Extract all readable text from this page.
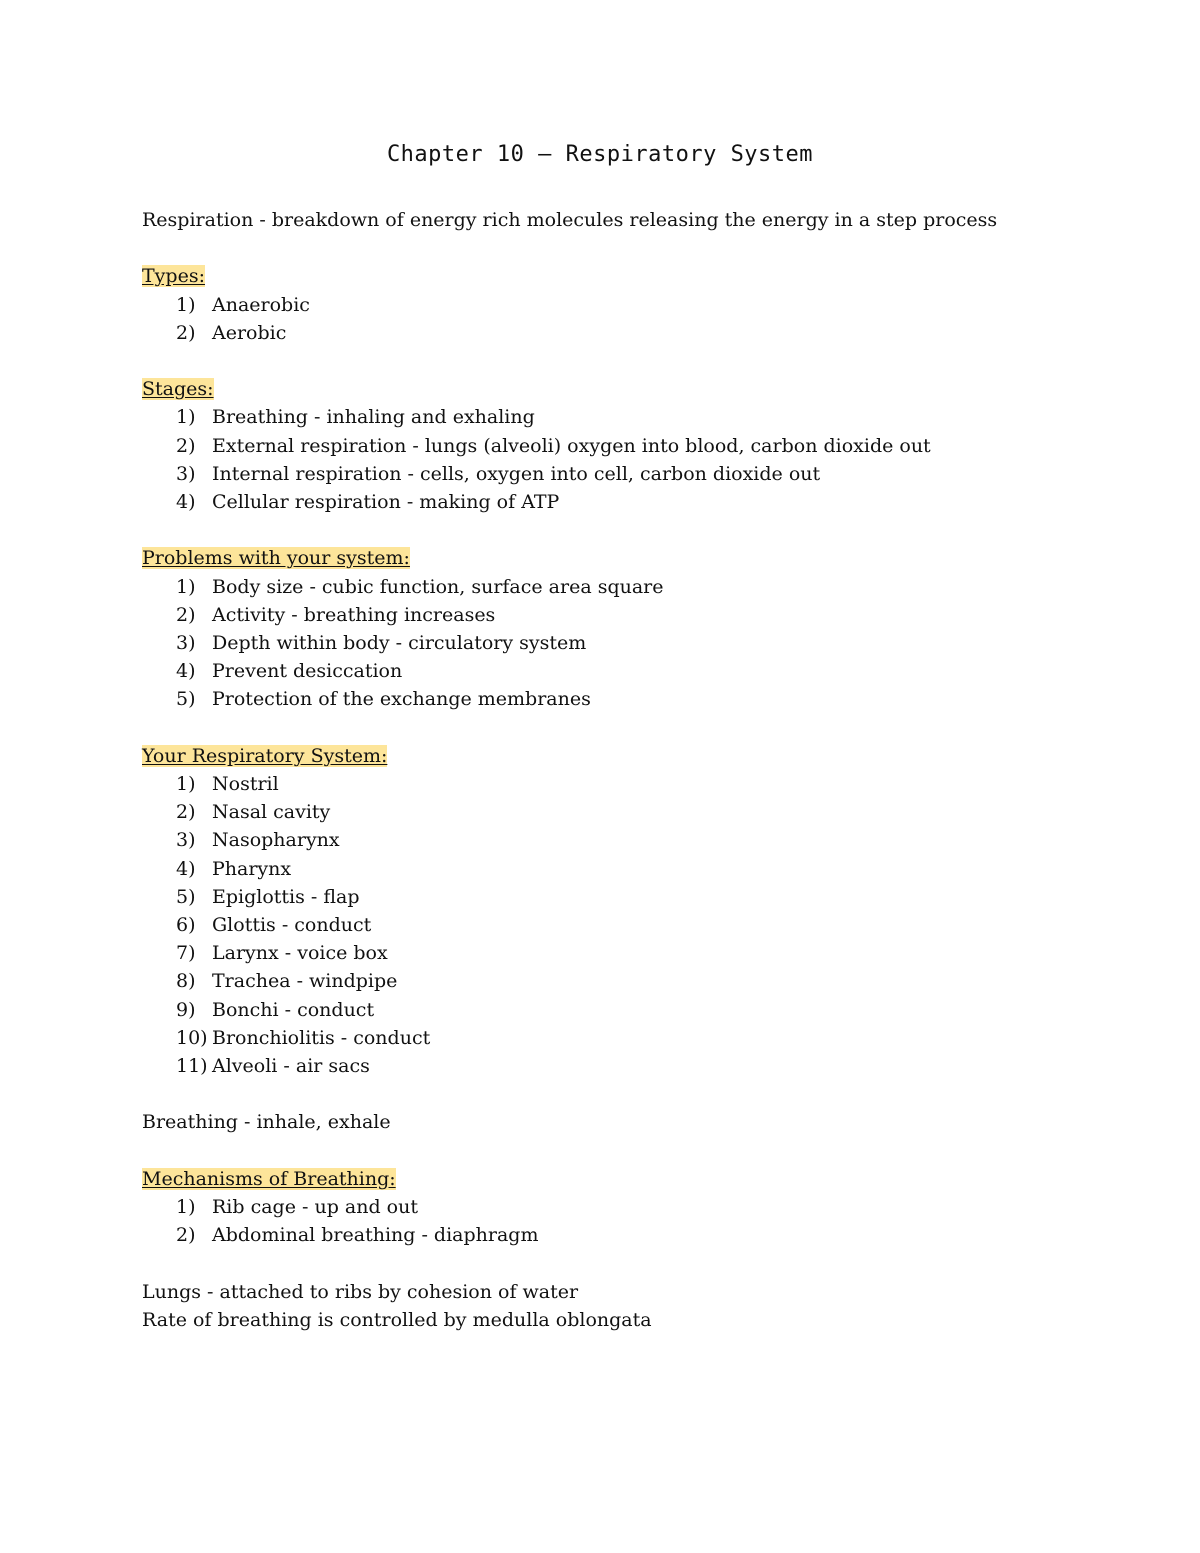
Chapter 10 – Respiratory System

Respiration - breakdown of energy rich molecules releasing the energy in a step process

Types:

1) Anaerobic
2) Aerobic

Stages:

1) Breathing - inhaling and exhaling
2) External respiration - lungs (alveoli) oxygen into blood, carbon dioxide out
3) Internal respiration - cells, oxygen into cell, carbon dioxide out
4) Cellular respiration - making of ATP

Problems with your system:

1) Body size - cubic function, surface area square
2) Activity - breathing increases
3) Depth within body - circulatory system
4) Prevent desiccation
5) Protection of the exchange membranes

Your Respiratory System:

1) Nostril
2) Nasal cavity
3) Nasopharynx
4) Pharynx
5) Epiglottis - flap
6) Glottis - conduct
7) Larynx - voice box
8) Trachea - windpipe
9) Bonchi - conduct
10) Bronchiolitis - conduct
11) Alveoli - air sacs

Breathing - inhale, exhale

Mechanisms of Breathing:

1) Rib cage - up and out
2) Abdominal breathing - diaphragm

Lungs - attached to ribs by cohesion of water

Rate of breathing is controlled by medulla oblongata
